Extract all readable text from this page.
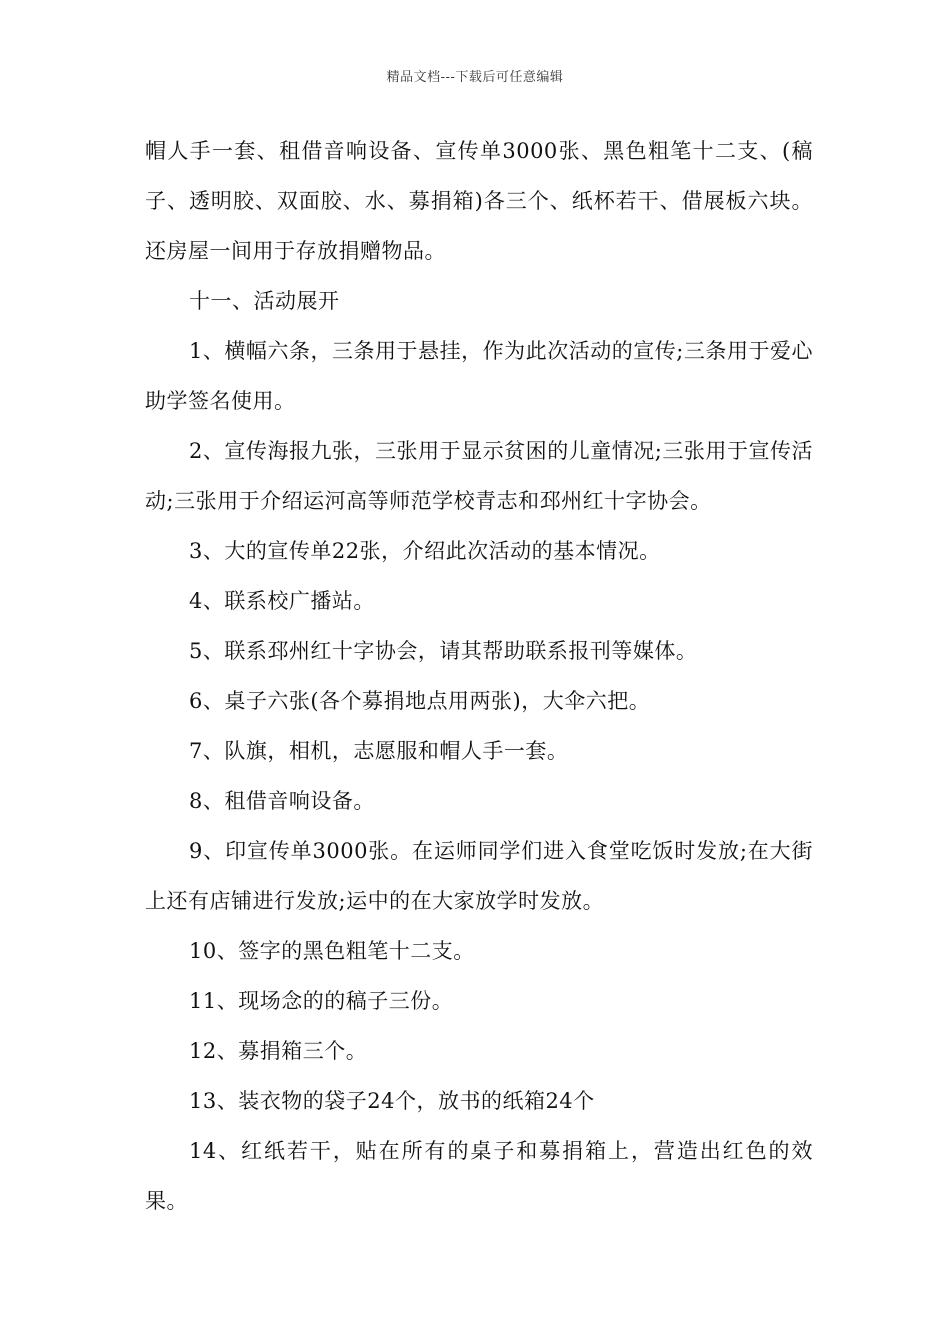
精品文档---下载后可任意编辑

帽人手一套、租借音响设备、宣传单3000张、黑色粗笔十二支、(稿子、透明胶、双面胶、水、募捐箱)各三个、纸杯若干、借展板六块。还房屋一间用于存放捐赠物品。

十一、活动展开

1、横幅六条，三条用于悬挂，作为此次活动的宣传;三条用于爱心助学签名使用。

2、宣传海报九张，三张用于显示贫困的儿童情况;三张用于宣传活动;三张用于介绍运河高等师范学校青志和邳州红十字协会。

3、大的宣传单22张，介绍此次活动的基本情况。

4、联系校广播站。

5、联系邳州红十字协会，请其帮助联系报刊等媒体。

6、桌子六张(各个募捐地点用两张)，大伞六把。

7、队旗，相机，志愿服和帽人手一套。

8、租借音响设备。

9、印宣传单3000张。在运师同学们进入食堂吃饭时发放;在大街上还有店铺进行发放;运中的在大家放学时发放。

10、签字的黑色粗笔十二支。

11、现场念的的稿子三份。

12、募捐箱三个。

13、装衣物的袋子24个，放书的纸箱24个

14、红纸若干，贴在所有的桌子和募捐箱上，营造出红色的效果。
